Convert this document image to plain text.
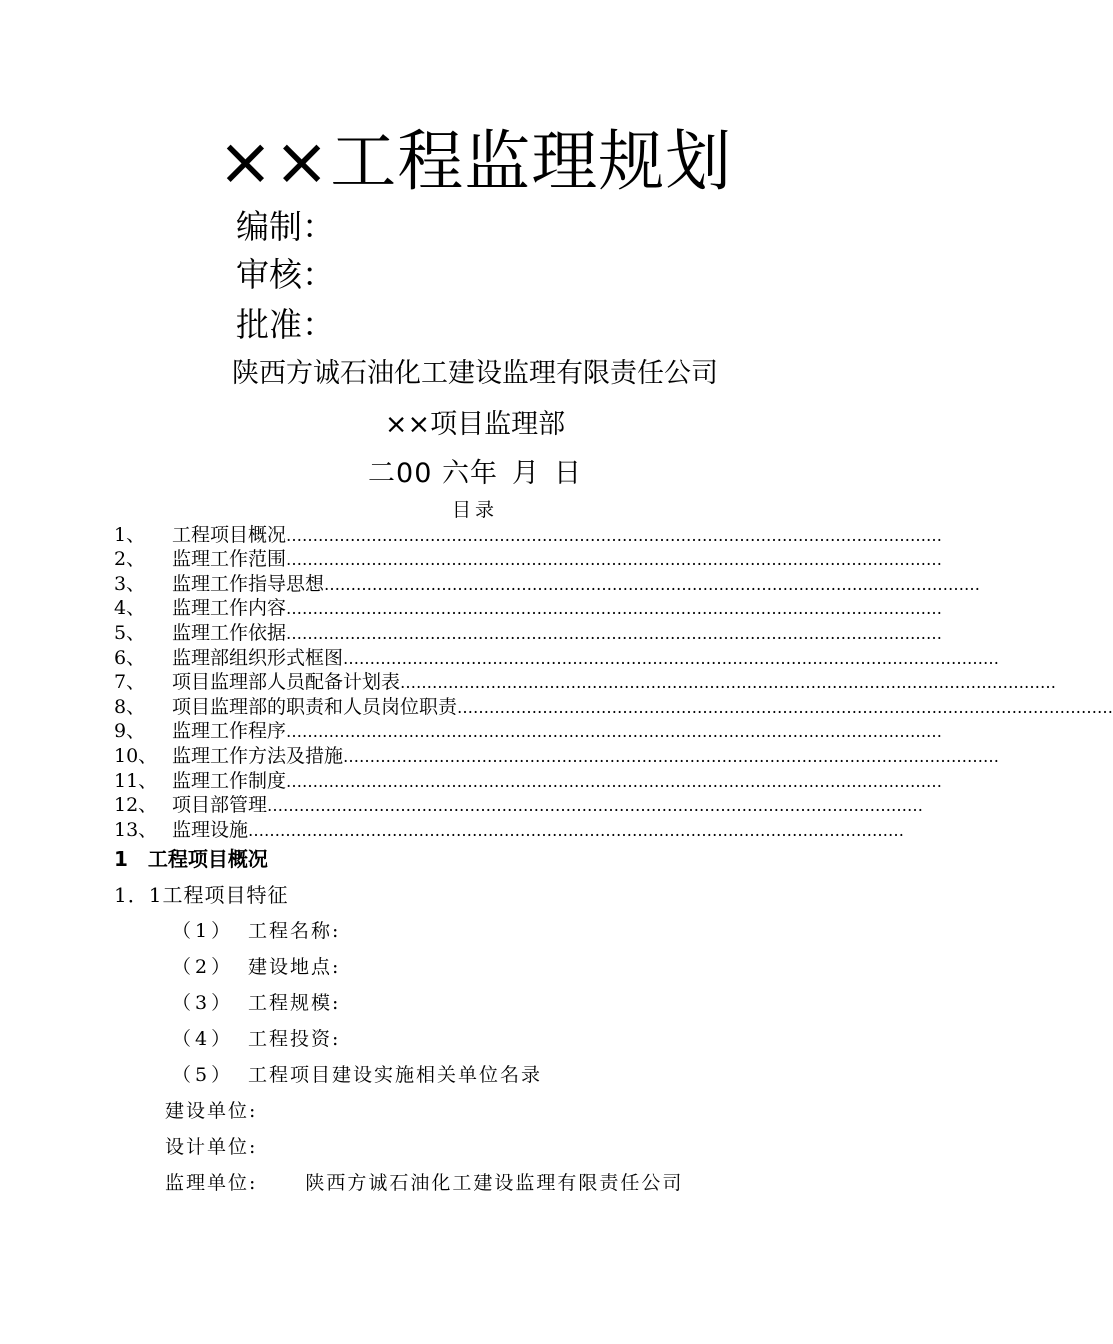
××工程监理规划
编制：
审核：
批准：
陕西方诚石油化工建设监理有限责任公司
××项目监理部
二00 六年 月 日
目录
1、	工程项目概况 ……………………………………………………………………………………………………………
2、	监理工作范围 ……………………………………………………………………………………………………………
3、	监理工作指导思想 ……………………………………………………………………………………………………………
4、	监理工作内容 ……………………………………………………………………………………………………………
5、	监理工作依据 ……………………………………………………………………………………………………………
6、	监理部组织形式框图 ……………………………………………………………………………………………………………
7、	项目监理部人员配备计划表 ……………………………………………………………………………………………………………
8、	项目监理部的职责和人员岗位职责 ……………………………………………………………………………………………………………
9、	监理工作程序 ……………………………………………………………………………………………………………
10、 监理工作方法及措施 ……………………………………………………………………………………………………………
11、 监理工作制度 ……………………………………………………………………………………………………………
12、 项目部管理 ……………………………………………………………………………………………………………
13、 监理设施 ……………………………………………………………………………………………………………
1　工程项目概况
1．1工程项目特征
（1） 工程名称:
（2） 建设地点:
（3） 工程规模:
（4） 工程投资:
（5） 工程项目建设实施相关单位名录
建设单位:
设计单位:
监理单位:	陕西方诚石油化工建设监理有限责任公司
